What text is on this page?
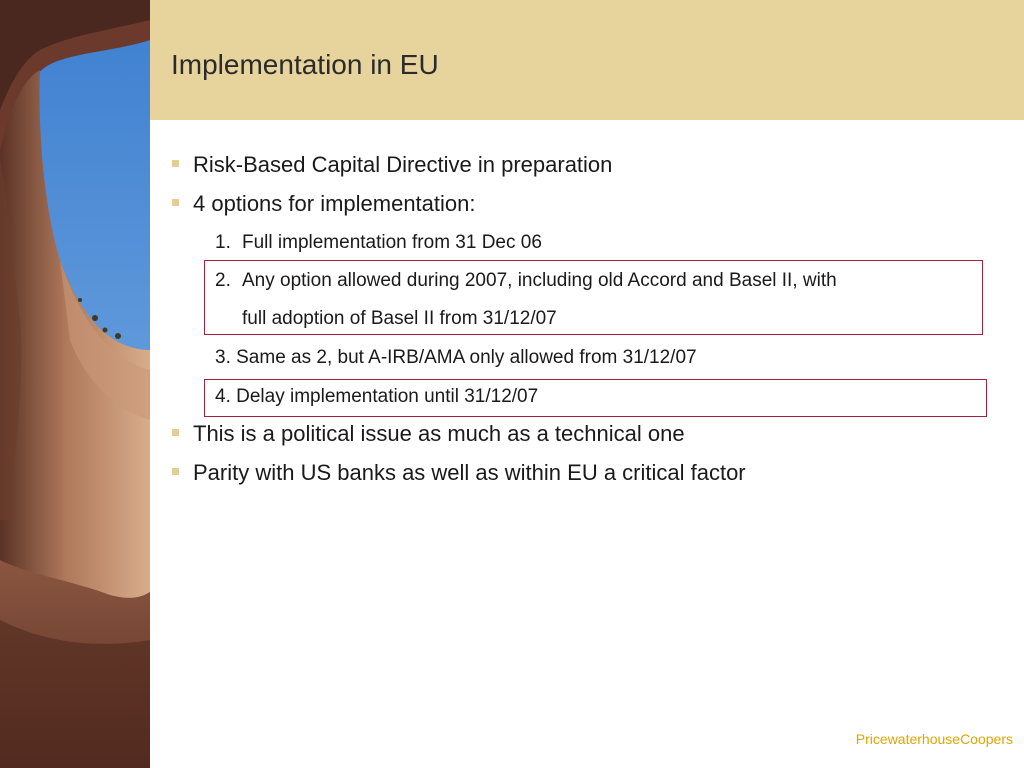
Implementation in EU
Risk-Based Capital Directive in preparation
4 options for implementation:
1. Full implementation from 31 Dec 06
2. Any option allowed during 2007, including old Accord and Basel II, with
full adoption of Basel II from 31/12/07
3. Same as 2, but A-IRB/AMA only allowed from 31/12/07
4. Delay implementation until 31/12/07
This is a political issue as much as a technical one
Parity with US banks as well as within EU a critical factor
PricewaterhouseCoopers
